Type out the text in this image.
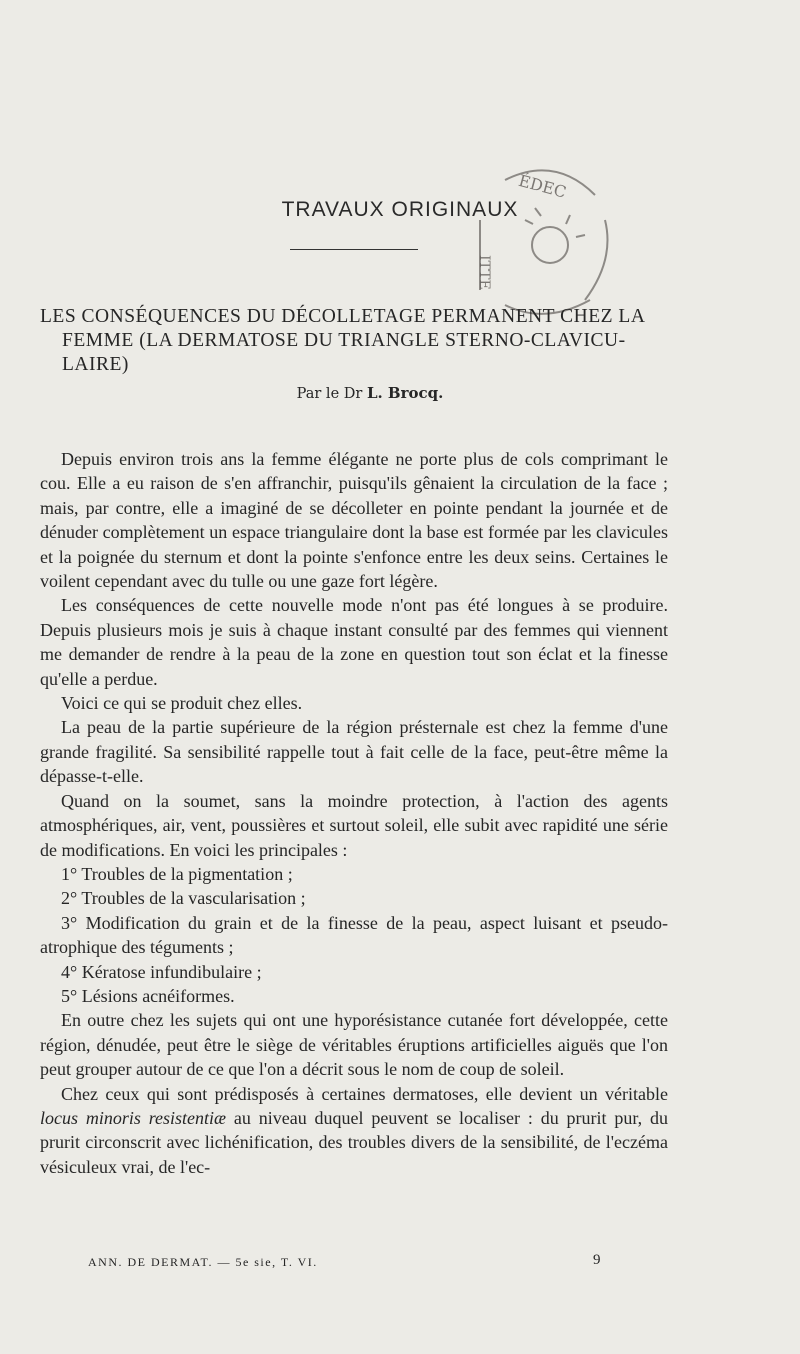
TRAVAUX ORIGINAUX
ÉDEC
ITTE
LES CONSÉQUENCES DU DÉCOLLETAGE PERMANENT CHEZ LA
FEMME (LA DERMATOSE DU TRIANGLE STERNO-CLAVICU-
LAIRE)
Par le Dr L. Brocq.

Depuis environ trois ans la femme élégante ne porte plus de cols comprimant le cou. Elle a eu raison de s'en affranchir, puisqu'ils gênaient la circulation de la face ; mais, par contre, elle a imaginé de se décolleter en pointe pendant la journée et de dénuder complètement un espace triangulaire dont la base est formée par les clavicules et la poignée du sternum et dont la pointe s'enfonce entre les deux seins. Certaines le voilent cependant avec du tulle ou une gaze fort légère.

Les conséquences de cette nouvelle mode n'ont pas été longues à se produire. Depuis plusieurs mois je suis à chaque instant consulté par des femmes qui viennent me demander de rendre à la peau de la zone en question tout son éclat et la finesse qu'elle a perdue.

Voici ce qui se produit chez elles.

La peau de la partie supérieure de la région présternale est chez la femme d'une grande fragilité. Sa sensibilité rappelle tout à fait celle de la face, peut-être même la dépasse-t-elle.

Quand on la soumet, sans la moindre protection, à l'action des agents atmosphériques, air, vent, poussières et surtout soleil, elle subit avec rapidité une série de modifications. En voici les principales :

1° Troubles de la pigmentation ;

2° Troubles de la vascularisation ;

3° Modification du grain et de la finesse de la peau, aspect luisant et pseudo-atrophique des téguments ;

4° Kératose infundibulaire ;

5° Lésions acnéiformes.

En outre chez les sujets qui ont une hyporésistance cutanée fort développée, cette région, dénudée, peut être le siège de véritables éruptions artificielles aiguës que l'on peut grouper autour de ce que l'on a décrit sous le nom de coup de soleil.

Chez ceux qui sont prédisposés à certaines dermatoses, elle devient un véritable locus minoris resistentiæ au niveau duquel peuvent se localiser : du prurit pur, du prurit circonscrit avec lichénification, des troubles divers de la sensibilité, de l'eczéma vésiculeux vrai, de l'ec-

ANN. DE DERMAT. — 5e sie, T. VI.	9
